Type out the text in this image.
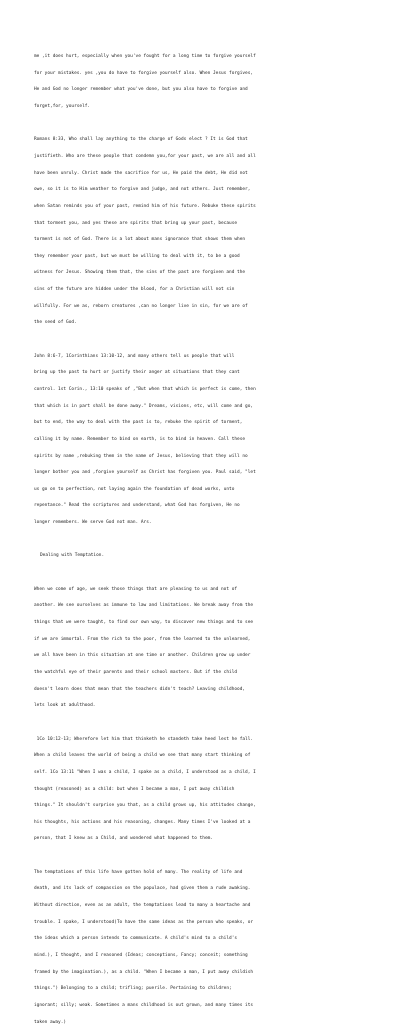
me ,it does hurt, especially when you've fought for a long time to forgive yourself

for your mistakes. yes ,you do have to forgive yourself also. When Jesus forgives,

He and God no longer remember what you've done, but you also have to forgive and

forget,for, yourself.

Romans 8:33, Who shall lay anything to the charge of Gods elect ? It is God that

justifieth. Who are these people that condemn you,for your past, we are all and all

have been unruly. Christ made the sacrifice for us, He paid the debt, He did not

owe, so it is to Him weather to forgive and judge, and not others. Just remember,

when Satan reminds you of your past, remind him of his future. Rebuke these spirits

that torment you, and yes these are spirits that bring up your past, because

torment is not of God. There is a lot about mans ignorance that shows them when

they remember your past, but we must be willing to deal with it, to be a good

witness for Jesus. Showing them that, the sins of the past are forgiven and the

sins of the future are hidden under the blood, for a Christian will not sin

willfully. For we as, reborn creatures ,can no longer live in sin, for we are of

the seed of God.

John 8:6-7, 1Corinthians 13:10-12, and many others tell us people that will

bring up the past to hurt or justify their anger at situations that they cant

control. 1st Corin., 13:10 speaks of ,"But when that which is perfect is come, then

that which is in part shall be done away." Dreams, visions, etc, will come and go,

but to end, the way to deal with the past is to, rebuke the spirit of torment,

calling it by name. Remember to bind on earth, is to bind in heaven. Call these

spirits by name ,rebuking them in the name of Jesus, believing that they will no

longer bother you and ,forgive yourself as Christ has forgiven you. Paul said, "let

us go on to perfection, not laying again the foundation of dead works, unto

repentance." Read the scriptures and understand, what God has forgiven, He no

longer remembers. We serve God not man. Ars.

Dealing with Temptation.

When we come of age, we seek those things that are pleasing to us and not of

another. We see ourselves as immune to law and limitations. We break away from the

things that we were taught, to find our own way, to discover new things and to see

if we are immortal. From the rich to the poor, from the learned to the unlearned,

we all have been in this situation at one time or another. Children grow up under

the watchful eye of their parents and their school masters. But if the child

doesn't learn does that mean that the teachers didn't teach? Leaving childhood,

lets look at adulthood.

1Co 10:12-13; Wherefore let him that thinketh he standeth take heed lest he fall.

When a child leaves the world of being a child we see that many start thinking of

self. 1Co 13:11 "When I was a child, I spake as a child, I understood as a child, I

thought (reasoned) as a child: but when I became a man, I put away childish

things." It shouldn't surprise you that, as a child grows up, his attitudes change,

his thoughts, his actions and his reasoning, changes. Many times I've looked at a

person, that I knew as a Child, and wondered what happened to them.

The temptations of this life have gotten hold of many. The reality of life and

death, and its lack of compassion on the populace, had given them a rude awaking.

Without direction, even as an adult, the temptations lead to many a heartache and

trouble. I spake, I understood(To have the same ideas as the person who speaks, or

the ideas which a person intends to communicate. A child's mind to a child's

mind.), I thought, and I reasoned (Ideas; conceptions, Fancy; conceit; something

framed by the imagination.), as a child. "When I became a man, I put away childish

things.") Belonging to a child; trifling; puerile. Pertaining to children;

ignorant; silly; weak. Sometimes a mans childhood is out grown, and many times its

taken away.)
